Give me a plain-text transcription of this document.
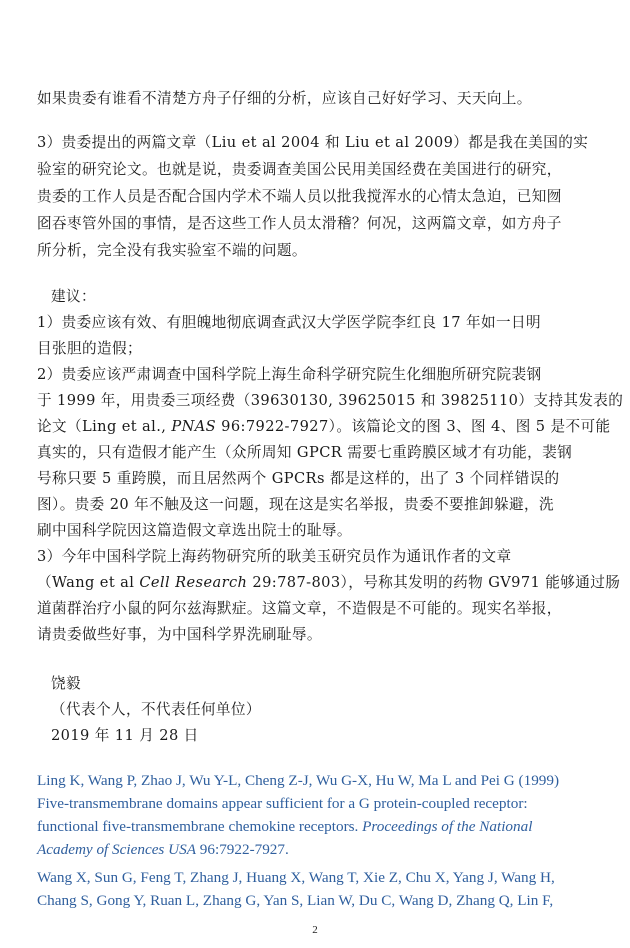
如果贵委有谁看不清楚方舟子仔细的分析，应该自己好好学习、天天向上。
3）贵委提出的两篇文章（Liu et al 2004 和 Liu et al 2009）都是我在美国的实
验室的研究论文。也就是说，贵委调查美国公民用美国经费在美国进行的研究，
贵委的工作人员是否配合国内学术不端人员以批我搅浑水的心情太急迫，已知囫
囵吞枣管外国的事情，是否这些工作人员太滑稽？何况，这两篇文章，如方舟子
所分析，完全没有我实验室不端的问题。
建议：
1）贵委应该有效、有胆魄地彻底调查武汉大学医学院李红良 17 年如一日明
目张胆的造假；
2）贵委应该严肃调查中国科学院上海生命科学研究院生化细胞所研究院裴钢
于 1999 年，用贵委三项经费（39630130, 39625015 和 39825110）支持其发表的
论文（Ling et al., PNAS 96:7922-7927）。该篇论文的图 3、图 4、图 5 是不可能
真实的，只有造假才能产生（众所周知 GPCR 需要七重跨膜区域才有功能，裴钢
号称只要 5 重跨膜，而且居然两个 GPCRs 都是这样的，出了 3 个同样错误的
图）。贵委 20 年不触及这一问题，现在这是实名举报，贵委不要推卸躲避，洗
刷中国科学院因这篇造假文章选出院士的耻辱。
3）今年中国科学院上海药物研究所的耿美玉研究员作为通讯作者的文章
（Wang et al Cell Research 29:787-803），号称其发明的药物 GV971 能够通过肠
道菌群治疗小鼠的阿尔兹海默症。这篇文章，不造假是不可能的。现实名举报，
请贵委做些好事，为中国科学界洗刷耻辱。
饶毅
（代表个人，不代表任何单位）
2019 年 11 月 28 日
Ling K, Wang P, Zhao J, Wu Y-L, Cheng Z-J, Wu G-X, Hu W, Ma L and Pei G (1999)
Five-transmembrane domains appear sufficient for a G protein-coupled receptor:
functional five-transmembrane chemokine receptors. Proceedings of the National
Academy of Sciences USA 96:7922-7927.
Wang X, Sun G, Feng T, Zhang J, Huang X, Wang T, Xie Z, Chu X, Yang J, Wang H,
Chang S, Gong Y, Ruan L, Zhang G, Yan S, Lian W, Du C, Wang D, Zhang Q, Lin F,
2
